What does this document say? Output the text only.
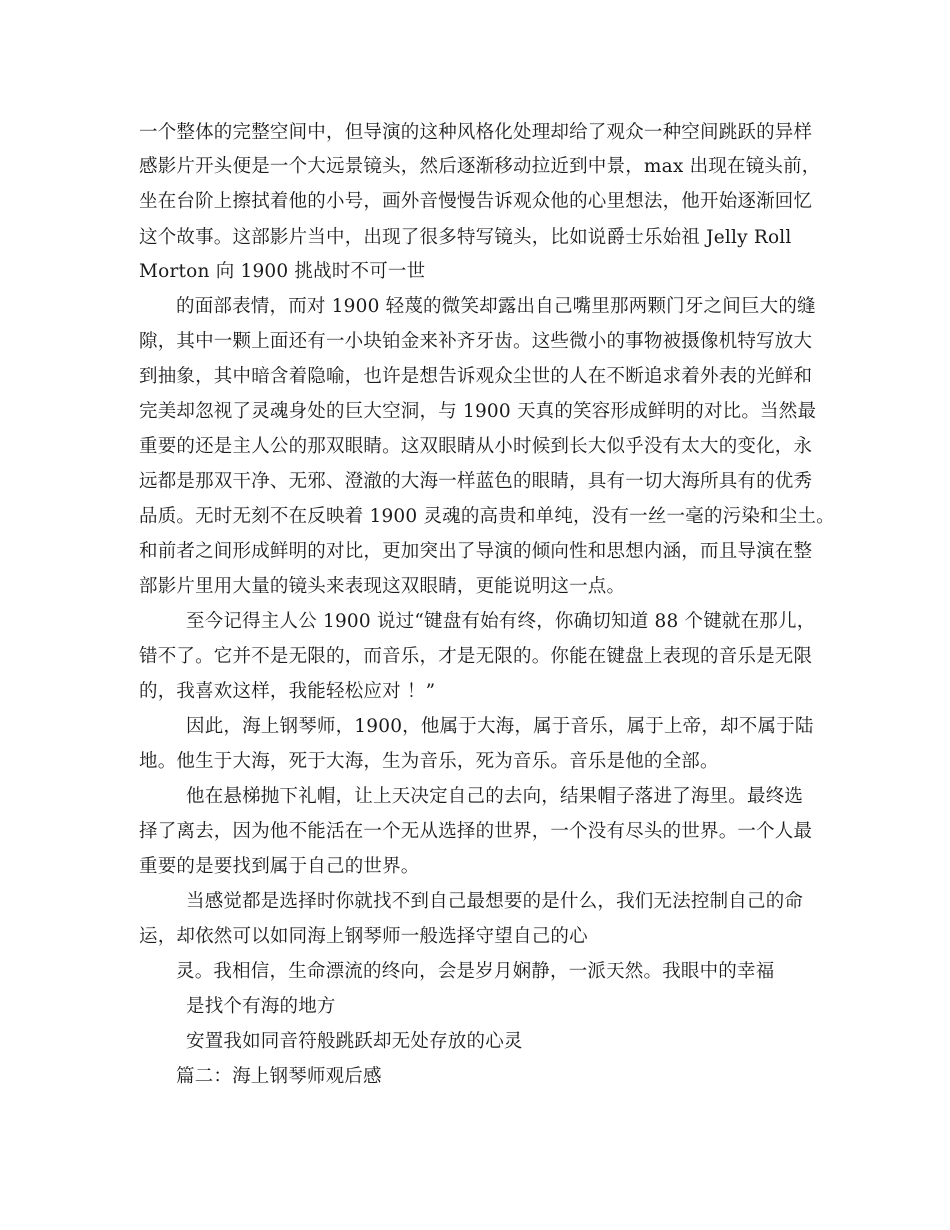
一个整体的完整空间中，但导演的这种风格化处理却给了观众一种空间跳跃的异样
感影片开头便是一个大远景镜头，然后逐渐移动拉近到中景，max 出现在镜头前，
坐在台阶上擦拭着他的小号，画外音慢慢告诉观众他的心里想法，他开始逐渐回忆
这个故事。这部影片当中，出现了很多特写镜头，比如说爵士乐始祖 Jelly Roll
Morton 向 1900 挑战时不可一世
的面部表情，而对 1900 轻蔑的微笑却露出自己嘴里那两颗门牙之间巨大的缝
隙，其中一颗上面还有一小块铂金来补齐牙齿。这些微小的事物被摄像机特写放大
到抽象，其中暗含着隐喻，也许是想告诉观众尘世的人在不断追求着外表的光鲜和
完美却忽视了灵魂身处的巨大空洞，与 1900 天真的笑容形成鲜明的对比。当然最
重要的还是主人公的那双眼睛。这双眼睛从小时候到长大似乎没有太大的变化，永
远都是那双干净、无邪、澄澈的大海一样蓝色的眼睛，具有一切大海所具有的优秀
品质。无时无刻不在反映着 1900 灵魂的高贵和单纯，没有一丝一毫的污染和尘土。
和前者之间形成鲜明的对比，更加突出了导演的倾向性和思想内涵，而且导演在整
部影片里用大量的镜头来表现这双眼睛，更能说明这一点。
至今记得主人公 1900 说过“键盘有始有终，你确切知道 88 个键就在那儿，
错不了。它并不是无限的，而音乐，才是无限的。你能在键盘上表现的音乐是无限
的，我喜欢这样，我能轻松应对 ！”
因此，海上钢琴师，1900，他属于大海，属于音乐，属于上帝，却不属于陆
地。他生于大海，死于大海，生为音乐，死为音乐。音乐是他的全部。
他在悬梯抛下礼帽，让上天决定自己的去向，结果帽子落进了海里。最终选
择了离去，因为他不能活在一个无从选择的世界，一个没有尽头的世界。一个人最
重要的是要找到属于自己的世界。
当感觉都是选择时你就找不到自己最想要的是什么，我们无法控制自己的命
运，却依然可以如同海上钢琴师一般选择守望自己的心
灵。我相信，生命漂流的终向，会是岁月娴静，一派天然。我眼中的幸福
是找个有海的地方
安置我如同音符般跳跃却无处存放的心灵
篇二：海上钢琴师观后感
